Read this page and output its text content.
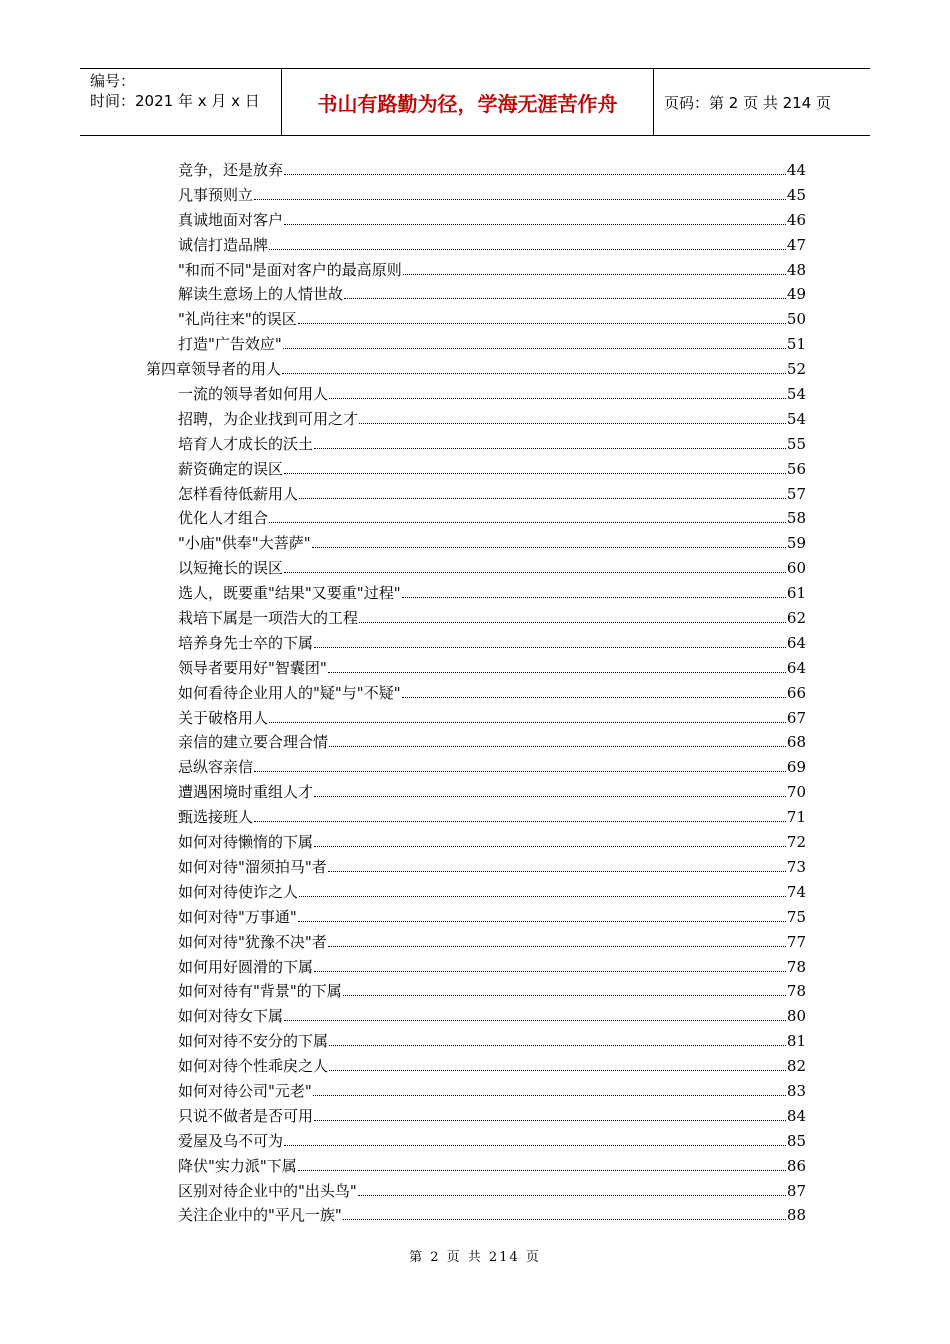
编号：
时间：2021 年 x 月 x 日	书山有路勤为径，学海无涯苦作舟	页码：第 2 页 共 214 页
竞争，还是放弃	44
凡事预则立	45
真诚地面对客户	46
诚信打造品牌	47
"和而不同"是面对客户的最高原则	48
解读生意场上的人情世故	49
"礼尚往来"的误区	50
打造"广告效应"	51
第四章领导者的用人	52
一流的领导者如何用人	54
招聘，为企业找到可用之才	54
培育人才成长的沃土	55
薪资确定的误区	56
怎样看待低薪用人	57
优化人才组合	58
"小庙"供奉"大菩萨"	59
以短掩长的误区	60
选人，既要重"结果"又要重"过程"	61
栽培下属是一项浩大的工程	62
培养身先士卒的下属	64
领导者要用好"智囊团"	64
如何看待企业用人的"疑"与"不疑"	66
关于破格用人	67
亲信的建立要合理合情	68
忌纵容亲信	69
遭遇困境时重组人才	70
甄选接班人	71
如何对待懒惰的下属	72
如何对待"溜须拍马"者	73
如何对待使诈之人	74
如何对待"万事通"	75
如何对待"犹豫不决"者	77
如何用好圆滑的下属	78
如何对待有"背景"的下属	78
如何对待女下属	80
如何对待不安分的下属	81
如何对待个性乖戾之人	82
如何对待公司"元老"	83
只说不做者是否可用	84
爱屋及乌不可为	85
降伏"实力派"下属	86
区别对待企业中的"出头鸟"	87
关注企业中的"平凡一族"	88
第 2 页 共 214 页
